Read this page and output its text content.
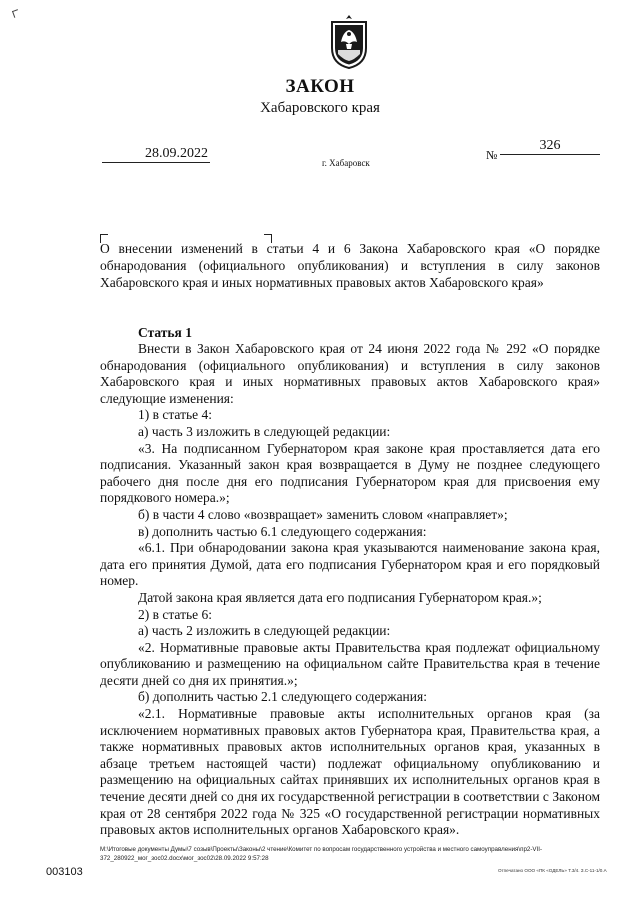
ЗАКОН
Хабаровского края
28.09.2022
г. Хабаровск
№
326
О внесении изменений в статьи 4 и 6 Закона Хабаровского края «О порядке обнародования (официального опубликования) и вступления в силу законов Хабаровского края и иных нормативных правовых актов Хабаровского края»
Статья 1

Внести в Закон Хабаровского края от 24 июня 2022 года № 292 «О порядке обнародования (официального опубликования) и вступления в силу законов Хабаровского края и иных нормативных правовых актов Хабаровского края» следующие изменения:

1) в статье 4:

а) часть 3 изложить в следующей редакции:

«3. На подписанном Губернатором края законе края проставляется дата его подписания. Указанный закон края возвращается в Думу не позднее следующего рабочего дня после дня его подписания Губернатором края для присвоения ему порядкового номера.»;

б) в части 4 слово «возвращает» заменить словом «направляет»;

в) дополнить частью 6.1 следующего содержания:

«6.1. При обнародовании закона края указываются наименование закона края, дата его принятия Думой, дата его подписания Губернатором края и его порядковый номер.

Датой закона края является дата его подписания Губернатором края.»;

2) в статье 6:

а) часть 2 изложить в следующей редакции:

«2. Нормативные правовые акты Правительства края подлежат официальному опубликованию и размещению на официальном сайте Правительства края в течение десяти дней со дня их принятия.»;

б) дополнить частью 2.1 следующего содержания:

«2.1. Нормативные правовые акты исполнительных органов края (за исключением нормативных правовых актов Губернатора края, Правительства края, а также нормативных правовых актов исполнительных органов края, указанных в абзаце третьем настоящей части) подлежат официальному опубликованию и размещению на официальных сайтах принявших их исполнительных органов края в течение десяти дней со дня их государственной регистрации в соответствии с Законом края от 28 сентября 2022 года № 325 «О государственной регистрации нормативных правовых актов исполнительных органов Хабаровского края».

М:\Итоговые документы Думы\7 созыв\Проекты\Законы\2 чтение\Комитет по вопросам государственного устройства и местного самоуправления\пр2-VII-
372_280922_мог_зос02.docx\мог_зос02\28.09.2022 9:57:28
003103	Отпечатано ООО «ПК «ОДЕЛЬ» Т.3/4. З.С-11-1/0.А
